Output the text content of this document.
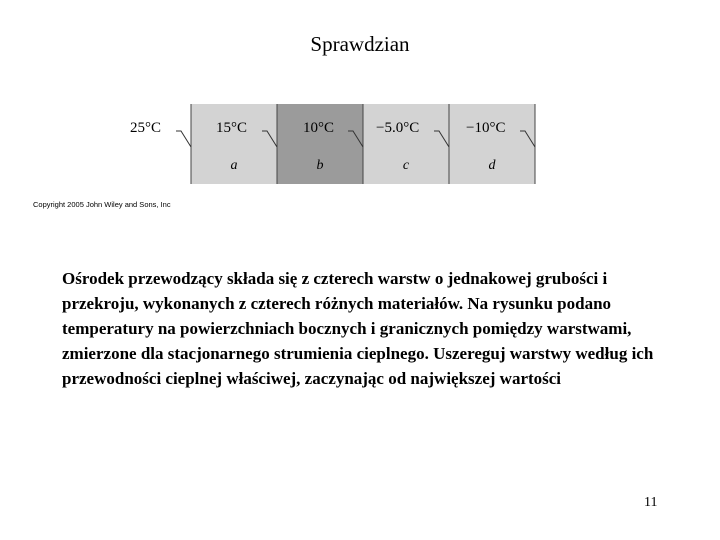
Sprawdzian
25°C	15°C	10°C	−5.0°C	−10°C
a	b	c	d
Copyright 2005 John Wiley and Sons, Inc
Ośrodek przewodzący składa się z czterech warstw o jednakowej grubości i przekroju, wykonanych z czterech różnych materiałów. Na rysunku podano temperatury na powierzchniach bocznych i granicznych pomiędzy warstwami, zmierzone dla stacjonarnego strumienia cieplnego. Uszereguj warstwy według ich przewodności cieplnej właściwej, zaczynając od największej wartości
11
